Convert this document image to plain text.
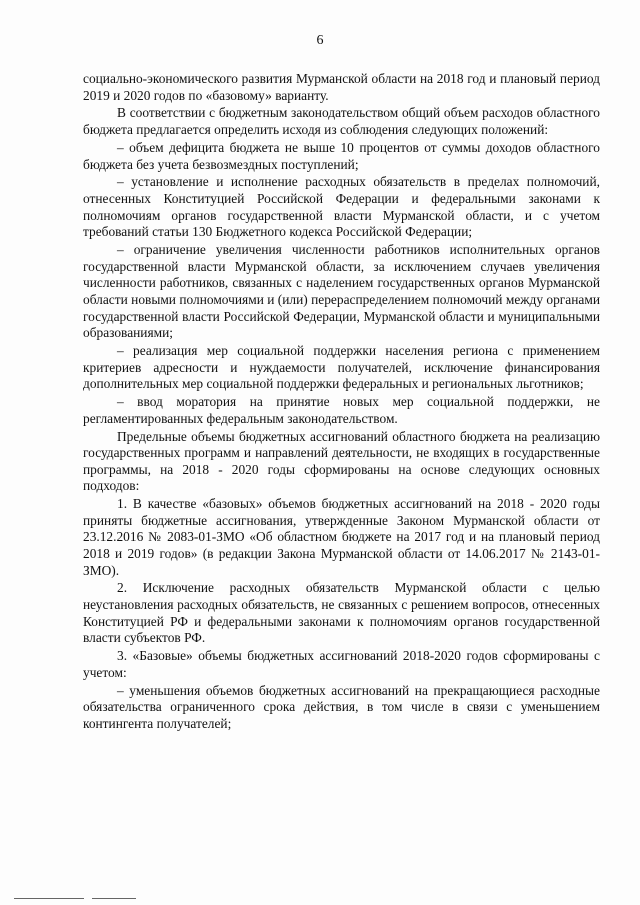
6

социально-экономического развития Мурманской области на 2018 год и плановый период 2019 и 2020 годов по «базовому» варианту.

В соответствии с бюджетным законодательством общий объем расходов областного бюджета предлагается определить исходя из соблюдения следующих положений:

– объем дефицита бюджета не выше 10 процентов от суммы доходов областного бюджета без учета безвозмездных поступлений;

– установление и исполнение расходных обязательств в пределах полномочий, отнесенных Конституцией Российской Федерации и федеральными законами к полномочиям органов государственной власти Мурманской области, и с учетом требований статьи 130 Бюджетного кодекса Российской Федерации;

– ограничение увеличения численности работников исполнительных органов государственной власти Мурманской области, за исключением случаев увеличения численности работников, связанных с наделением государственных органов Мурманской области новыми полномочиями и (или) перераспределением полномочий между органами государственной власти Российской Федерации, Мурманской области и муниципальными образованиями;

– реализация мер социальной поддержки населения региона с применением критериев адресности и нуждаемости получателей, исключение финансирования дополнительных мер социальной поддержки федеральных и региональных льготников;

– ввод моратория на принятие новых мер социальной поддержки, не регламентированных федеральным законодательством.

Предельные объемы бюджетных ассигнований областного бюджета на реализацию государственных программ и направлений деятельности, не входящих в государственные программы, на 2018 - 2020 годы сформированы на основе следующих основных подходов:

1. В качестве «базовых» объемов бюджетных ассигнований на 2018 - 2020 годы приняты бюджетные ассигнования, утвержденные Законом Мурманской области от 23.12.2016 № 2083-01-ЗМО «Об областном бюджете на 2017 год и на плановый период 2018 и 2019 годов» (в редакции Закона Мурманской области от 14.06.2017 № 2143-01-ЗМО).

2. Исключение расходных обязательств Мурманской области с целью неустановления расходных обязательств, не связанных с решением вопросов, отнесенных Конституцией РФ и федеральными законами к полномочиям органов государственной власти субъектов РФ.

3. «Базовые» объемы бюджетных ассигнований 2018-2020 годов сформированы с учетом:

– уменьшения объемов бюджетных ассигнований на прекращающиеся расходные обязательства ограниченного срока действия, в том числе в связи с уменьшением контингента получателей;
